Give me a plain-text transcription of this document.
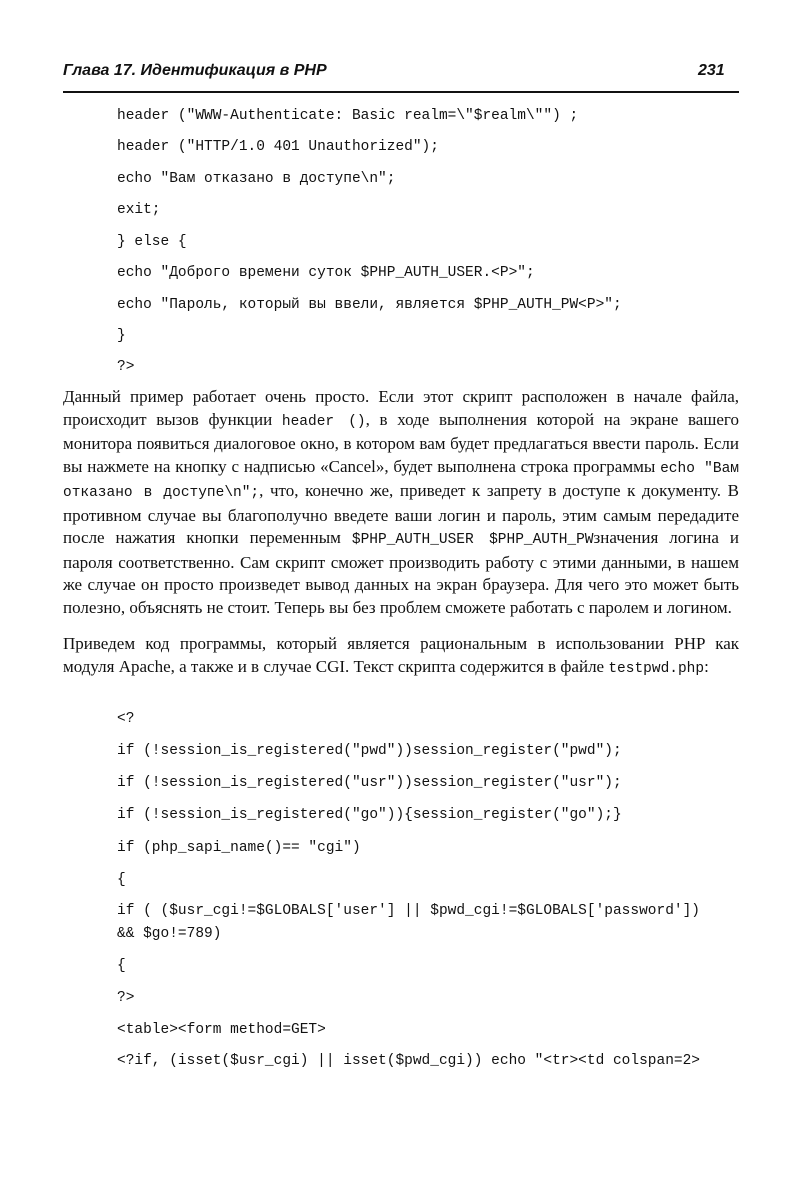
Глава 17. Идентификация в PHP	231
header ("WWW-Authenticate: Basic realm=\"$realm\"") ;
header ("HTTP/1.0 401 Unauthorized");
echo "Вам отказано в доступе\n";
exit;
} else {
echo "Доброго времени суток $PHP_AUTH_USER.<P>";
echo "Пароль, который вы ввели, является $PHP_AUTH_PW<P>";
}
?>

Данный пример работает очень просто. Если этот скрипт расположен в начале файла, происходит вызов функции header (), в ходе выполнения которой на экране вашего монитора появиться диалоговое окно, в котором вам будет предлагаться ввести пароль. Если вы нажмете на кнопку с надписью «Cancel», будет выполнена строка программы echo "Вам отказано в доступе\n";, что, конечно же, приведет к запрету в доступе к документу. В противном случае вы благополучно введете ваши логин и пароль, этим самым передадите после нажатия кнопки переменным $PHP_AUTH_USER $PHP_AUTH_PWзначения логина и пароля соответственно. Сам скрипт сможет производить работу с этими данными, в нашем же случае он просто произведет вывод данных на экран браузера. Для чего это может быть полезно, объяснять не стоит. Теперь вы без проблем сможете работать с паролем и логином.

Приведем код программы, который является рациональным в использовании PHP как модуля Apache, а также и в случае CGI. Текст скрипта содержится в файле testpwd.php:

<?
if (!session_is_registered("pwd"))session_register("pwd");
if (!session_is_registered("usr"))session_register("usr");
if (!session_is_registered("go")){session_register("go");}
if (php_sapi_name()== "cgi")
{
if ( ($usr_cgi!=$GLOBALS['user'] || $pwd_cgi!=$GLOBALS['password'])
&& $go!=789)
{
?>
<table><form method=GET>
<?if, (isset($usr_cgi) || isset($pwd_cgi)) echo "<tr><td colspan=2>
